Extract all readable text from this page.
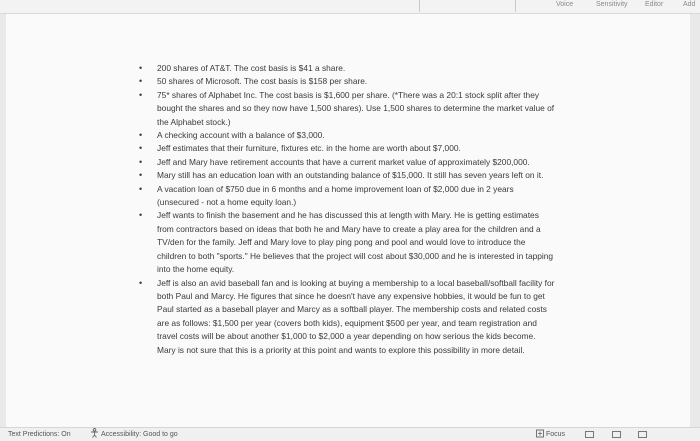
Voice	Sensitivity Editor	Add
• 200 shares of AT&T. The cost basis is $41 a share.
• 50 shares of Microsoft. The cost basis is $158 per share.
• 75* shares of Alphabet Inc. The cost basis is $1,600 per share. (*There was a 20:1 stock split after they bought the shares and so they now have 1,500 shares). Use 1,500 shares to determine the market value of the Alphabet stock.)
• A checking account with a balance of $3,000.
• Jeff estimates that their furniture, fixtures etc. in the home are worth about $7,000.
• Jeff and Mary have retirement accounts that have a current market value of approximately $200,000.
• Mary still has an education loan with an outstanding balance of $15,000. It still has seven years left on it.
• A vacation loan of $750 due in 6 months and a home improvement loan of $2,000 due in 2 years (unsecured - not a home equity loan.)
• Jeff wants to finish the basement and he has discussed this at length with Mary. He is getting estimates from contractors based on ideas that both he and Mary have to create a play area for the children and a TV/den for the family. Jeff and Mary love to play ping pong and pool and would love to introduce the children to both "sports." He believes that the project will cost about $30,000 and he is interested in tapping into the home equity.
• Jeff is also an avid baseball fan and is looking at buying a membership to a local baseball/softball facility for both Paul and Marcy. He figures that since he doesn't have any expensive hobbies, it would be fun to get Paul started as a baseball player and Marcy as a softball player. The membership costs and related costs are as follows: $1,500 per year (covers both kids), equipment $500 per year, and team registration and travel costs will be about another $1,000 to $2,000 a year depending on how serious the kids become. Mary is not sure that this is a priority at this point and wants to explore this possibility in more detail.
Text Predictions: On	Accessibility: Good to go	Focus
